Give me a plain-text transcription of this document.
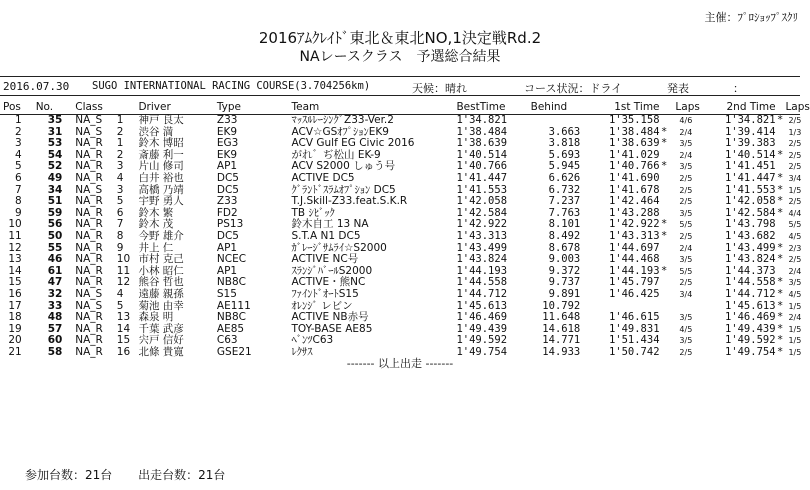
主催：ﾌﾟﾛｼｮｯﾌﾟｽｸﾘ
2016ｱﾑｸﾚｲﾄﾞ東北＆東北NO,1決定戦Rd.2
NAレースクラス　予選総合結果
2016.07.30 SUGO INTERNATIONAL RACING COURSE(3.704256km)	天候：晴れ	コース状況：ドライ	発表　　　　：
Pos	No.	Class		Driver	Type	Team	BestTime	Behind	1st Time		Laps	2nd Time		Laps
1	35	NA_S	1	神戸 良太	Z33	ﾏｯｽﾙﾚｰｼﾝｸﾞZ33-Ver.2	1'34.821		1'35.158		4/6	1'34.821	*	2/5
2	31	NA_S	2	渋谷 満	EK9	ACV☆GSｵﾌﾟｼｮﾝEK9	1'38.484	3.663	1'38.484	*	2/4	1'39.414		1/3
3	53	NA_R	1	鈴木 博昭	EG3	ACV Gulf EG Civic 2016	1'38.639	3.818	1'38.639	*	3/5	1'39.383		2/5
4	54	NA_R	2	斎藤 利一	EK9	がれ゛ぢ松山 EK-9	1'40.514	5.693	1'41.029		2/4	1'40.514	*	2/5
5	52	NA_R	3	片山 修司	AP1	ACV S2000 しゅう号	1'40.766	5.945	1'40.766	*	3/5	1'41.451		2/5
6	49	NA_R	4	白井 裕也	DC5	ACTIVE DC5	1'41.447	6.626	1'41.690		2/5	1'41.447	*	3/4
7	34	NA_S	3	高橋 乃靖	DC5	ｸﾞﾗﾝﾄﾞｽﾗﾑｵﾌﾟｼｮﾝ DC5	1'41.553	6.732	1'41.678		2/5	1'41.553	*	1/5
8	51	NA_R	5	宇野 勇人	Z33	T.J.Skill-Z33.feat.S.K.R	1'42.058	7.237	1'42.464		2/5	1'42.058	*	2/5
9	59	NA_R	6	鈴木 繁	FD2	TB ｼﾋﾞｯｸ	1'42.584	7.763	1'43.288		3/5	1'42.584	*	4/4
10	56	NA_R	7	鈴木 茂	PS13	鈴木自工 13 NA	1'42.922	8.101	1'42.922	*	5/5	1'43.798		5/5
11	50	NA_R	8	今野 雄介	DC5	S.T.A N1 DC5	1'43.313	8.492	1'43.313	*	2/5	1'43.682		4/5
12	55	NA_R	9	井上 仁	AP1	ｶﾞﾚｰｼﾞｻﾑﾗｲ☆S2000	1'43.499	8.678	1'44.697		2/4	1'43.499	*	2/3
13	46	NA_R	10	市村 克己	NCEC	ACTIVE NC号	1'43.824	9.003	1'44.468		3/5	1'43.824	*	2/5
14	61	NA_R	11	小林 昭仁	AP1	ｽﾗﾝｼﾞﾊﾞｰﾙS2000	1'44.193	9.372	1'44.193	*	5/5	1'44.373		2/4
15	47	NA_R	12	熊谷 哲也	NB8C	ACTIVE・熊NC	1'44.558	9.737	1'45.797		2/5	1'44.558	*	3/5
16	32	NA_S	4	遠藤 親孫	S15	ﾌｧｲﾝﾄﾞｵｰﾄS15	1'44.712	9.891	1'46.425		3/4	1'44.712	*	4/5
17	33	NA_S	5	菊池 由幸	AE111	ｵﾚﾝｼﾞ レビン	1'45.613	10.792				1'45.613	*	1/5
18	48	NA_R	13	森泉 明	NB8C	ACTIVE NB赤号	1'46.469	11.648	1'46.615		3/5	1'46.469	*	2/4
19	57	NA_R	14	千葉 武彦	AE85	TOY-BASE AE85	1'49.439	14.618	1'49.831		4/5	1'49.439	*	1/5
20	60	NA_R	15	宍戸 信好	C63	ﾍﾞﾝﾂC63	1'49.592	14.771	1'51.434		3/5	1'49.592	*	1/5
21	58	NA_R	16	北條 貴寛	GSE21	ﾚｸｻｽ	1'49.754	14.933	1'50.742		2/5	1'49.754	*	1/5
------- 以上出走 -------
参加台数：21台 出走台数：21台
